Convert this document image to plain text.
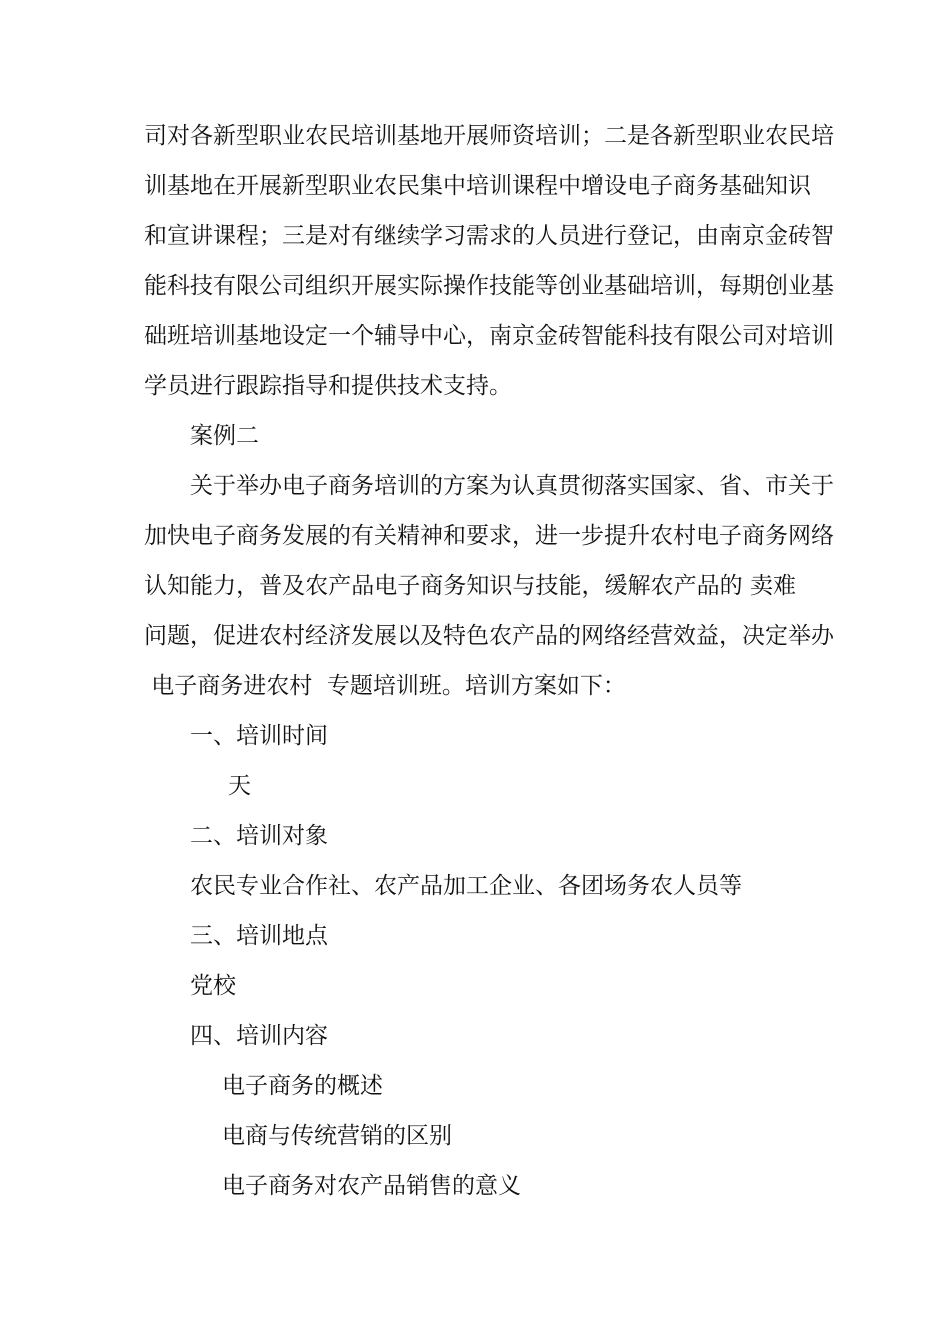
司对各新型职业农民培训基地开展师资培训；二是各新型职业农民培
训基地在开展新型职业农民集中培训课程中增设电子商务基础知识
和宣讲课程；三是对有继续学习需求的人员进行登记，由南京金砖智
能科技有限公司组织开展实际操作技能等创业基础培训，每期创业基
础班培训基地设定一个辅导中心，南京金砖智能科技有限公司对培训
学员进行跟踪指导和提供技术支持。
案例二
关于举办电子商务培训的方案为认真贯彻落实国家、省、市关于
加快电子商务发展的有关精神和要求，进一步提升农村电子商务网络
认知能力，普及农产品电子商务知识与技能，缓解农产品的 卖难
问题，促进农村经济发展以及特色农产品的网络经营效益，决定举办
电子商务进农村  专题培训班。培训方案如下：
一、培训时间
天
二、培训对象
农民专业合作社、农产品加工企业、各团场务农人员等
三、培训地点
党校
四、培训内容
电子商务的概述
电商与传统营销的区别
电子商务对农产品销售的意义
